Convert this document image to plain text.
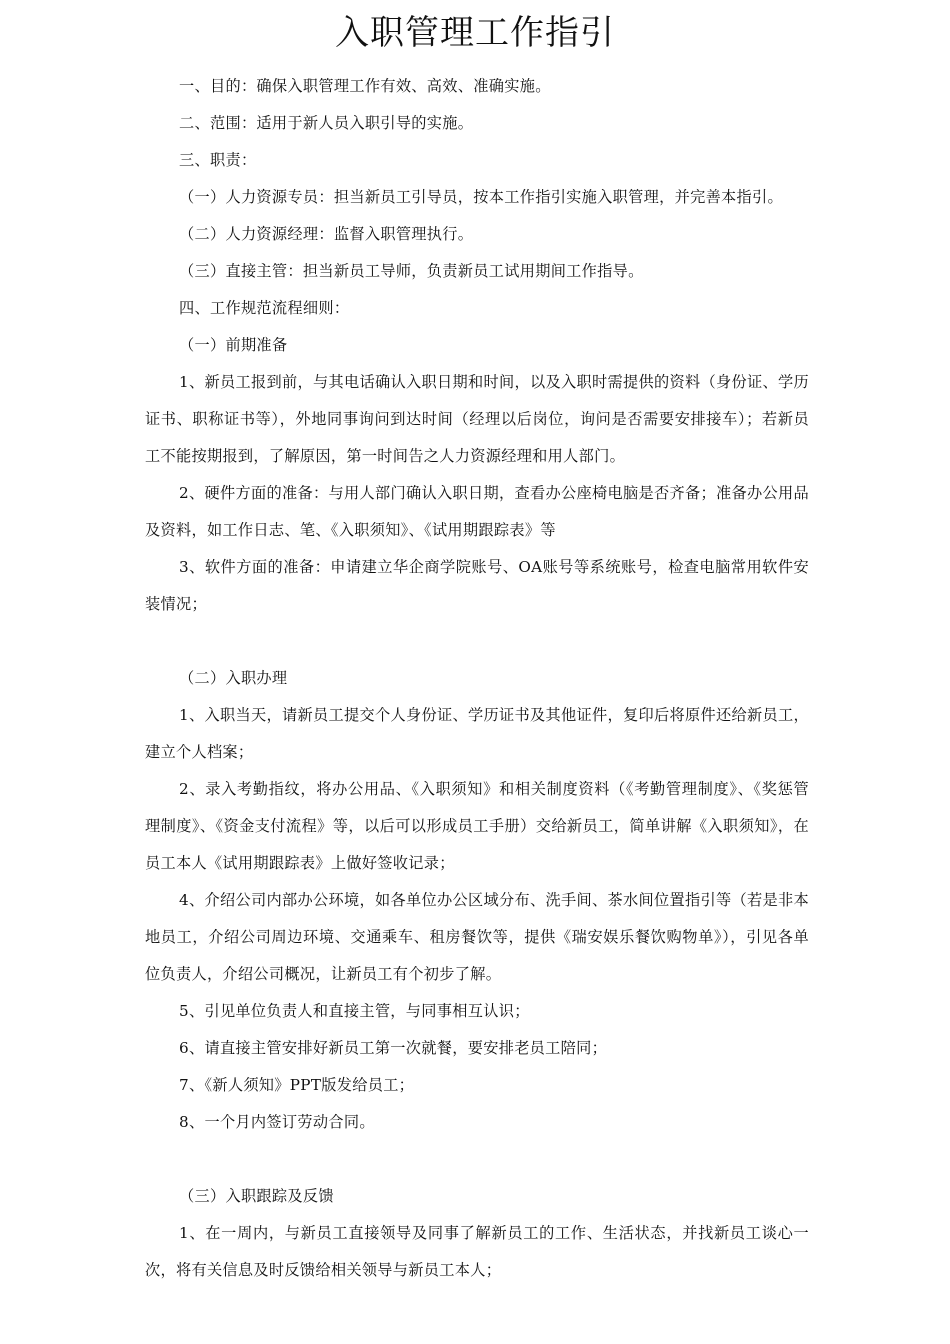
入职管理工作指引

一、目的：确保入职管理工作有效、高效、准确实施。

二、范围：适用于新人员入职引导的实施。

三、职责：

（一）人力资源专员：担当新员工引导员，按本工作指引实施入职管理，并完善本指引。

（二）人力资源经理：监督入职管理执行。

（三）直接主管：担当新员工导师，负责新员工试用期间工作指导。

四、工作规范流程细则：

（一）前期准备

1、新员工报到前，与其电话确认入职日期和时间，以及入职时需提供的资料（身份证、学历证书、职称证书等），外地同事询问到达时间（经理以后岗位，询问是否需要安排接车）；若新员工不能按期报到，了解原因，第一时间告之人力资源经理和用人部门。

2、硬件方面的准备：与用人部门确认入职日期，查看办公座椅电脑是否齐备；准备办公用品及资料，如工作日志、笔、《入职须知》、《试用期跟踪表》等

3、软件方面的准备：申请建立华企商学院账号、OA账号等系统账号，检查电脑常用软件安装情况；

（二）入职办理

1、入职当天，请新员工提交个人身份证、学历证书及其他证件，复印后将原件还给新员工，建立个人档案；

2、录入考勤指纹，将办公用品、《入职须知》和相关制度资料（《考勤管理制度》、《奖惩管理制度》、《资金支付流程》等，以后可以形成员工手册）交给新员工，简单讲解《入职须知》，在员工本人《试用期跟踪表》上做好签收记录；

4、介绍公司内部办公环境，如各单位办公区域分布、洗手间、茶水间位置指引等（若是非本地员工，介绍公司周边环境、交通乘车、租房餐饮等，提供《瑞安娱乐餐饮购物单》），引见各单位负责人，介绍公司概况，让新员工有个初步了解。

5、引见单位负责人和直接主管，与同事相互认识；

6、请直接主管安排好新员工第一次就餐，要安排老员工陪同；

7、《新人须知》PPT版发给员工；

8、一个月内签订劳动合同。

（三）入职跟踪及反馈

1、在一周内，与新员工直接领导及同事了解新员工的工作、生活状态，并找新员工谈心一次，将有关信息及时反馈给相关领导与新员工本人；
